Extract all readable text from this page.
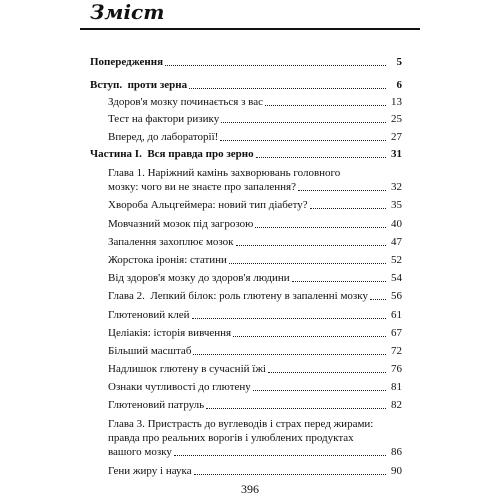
Зміст
Попередження	5
Вступ.  проти зерна	6
Здоров'я мозку починається з вас	13
Тест на фактори ризику	25
Вперед, до лабораторії!	27
Частина І.  Вся правда про зерно	31
Глава 1. Наріжний камінь захворювань головного
мозку: чого ви не знаєте про запалення?	32
Хвороба Альцгеймера: новий тип діабету?	35
Мовчазний мозок під загрозою	40
Запалення захоплює мозок	47
Жорстока іронія: статини	52
Від здоров'я мозку до здоров'я людини	54
Глава 2.  Лепкий білок: роль глютену в запаленні мозку 56
Глютеновий клей	61
Целіакія: історія вивчення	67
Більший масштаб	72
Надлишок глютену в сучасній їжі	76
Ознаки чутливості до глютену	81
Глютеновий патруль	82
Глава 3. Пристрасть до вуглеводів і страх перед жирами:
правда про реальних ворогів і улюблених продуктах
вашого мозку	86
Гени жиру і наука	90
396
